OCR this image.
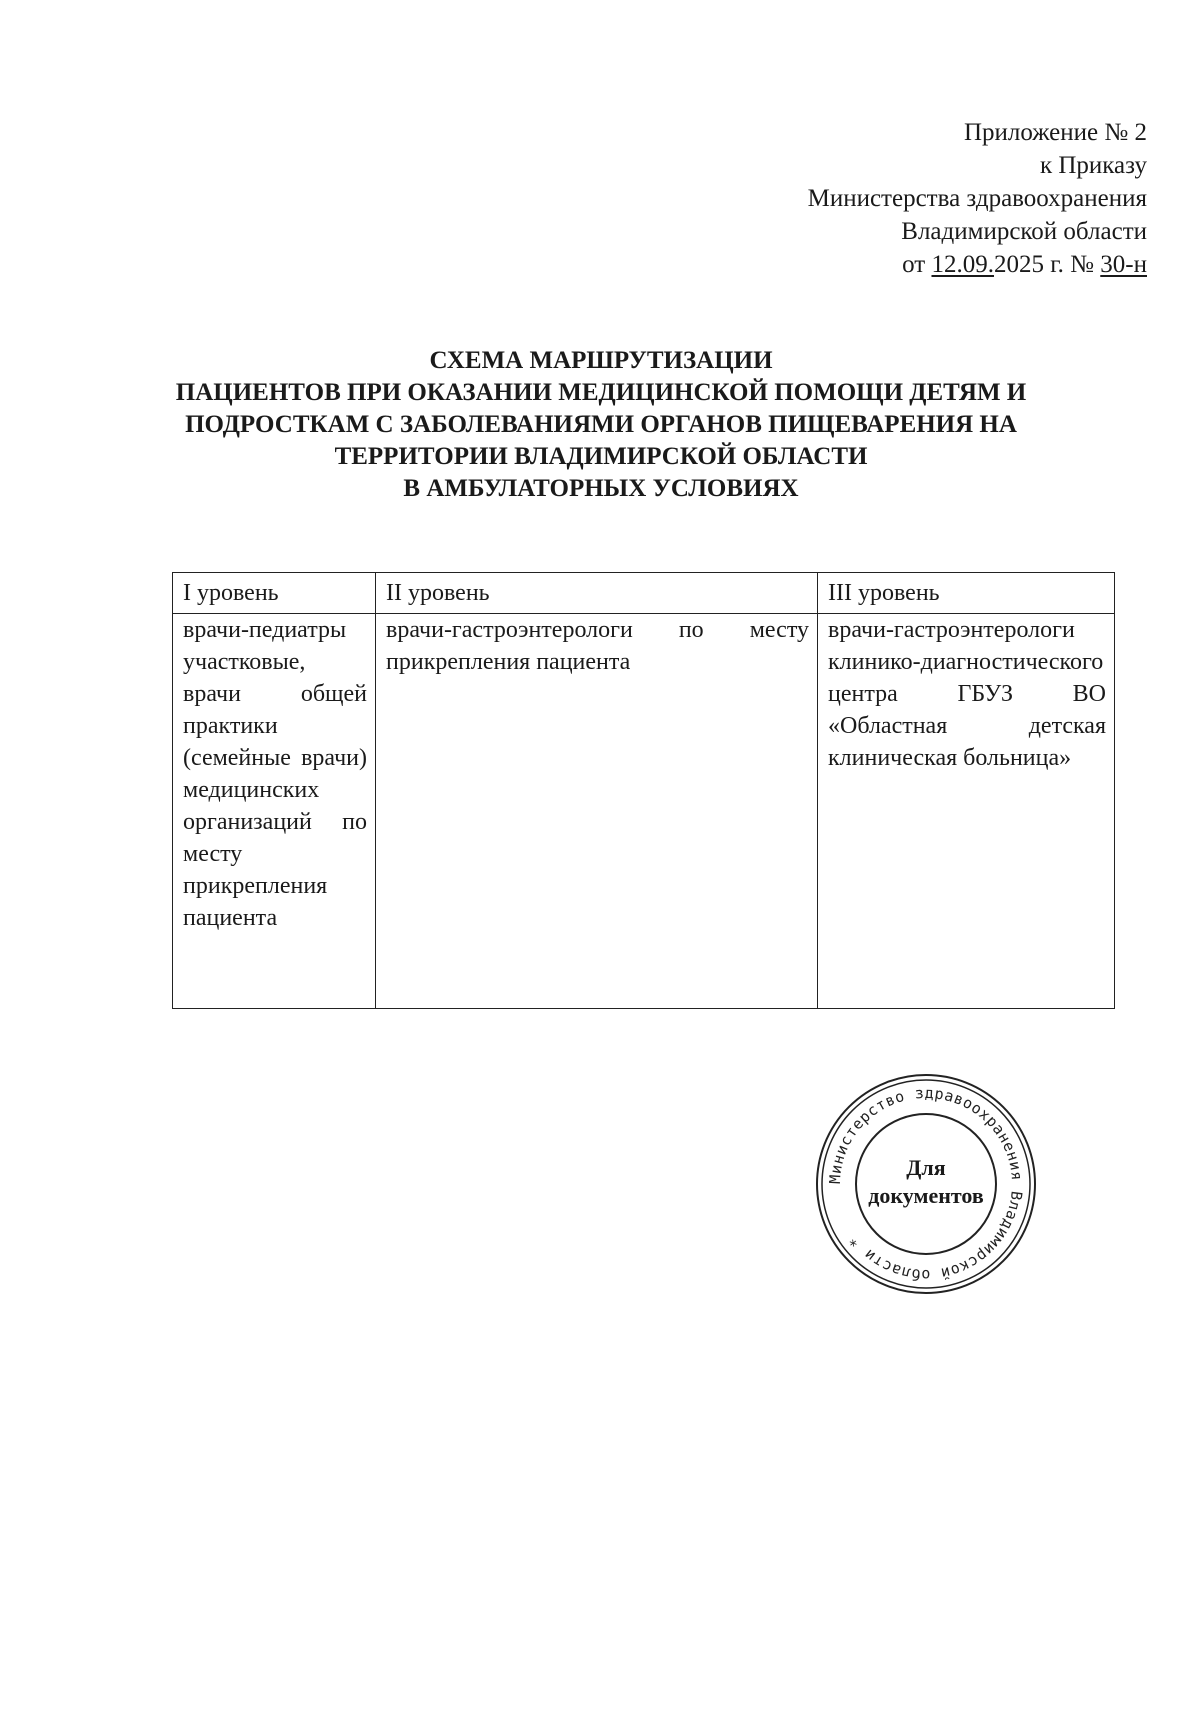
Приложение № 2
к Приказу
Министерства здравоохранения
Владимирской области
от 12.09.2025 г. № 30-н
СХЕМА МАРШРУТИЗАЦИИ
ПАЦИЕНТОВ ПРИ ОКАЗАНИИ МЕДИЦИНСКОЙ ПОМОЩИ ДЕТЯМ И
ПОДРОСТКАМ С ЗАБОЛЕВАНИЯМИ ОРГАНОВ ПИЩЕВАРЕНИЯ НА
ТЕРРИТОРИИ ВЛАДИМИРСКОЙ ОБЛАСТИ
В АМБУЛАТОРНЫХ УСЛОВИЯХ
I уровень	II уровень	III уровень

врачи-педиатры участковые, врачи общей практики (семейные врачи) медицинских организаций по месту прикрепления пациента	врачи-гастроэнтерологи по месту прикрепления пациента	врачи-гастроэнтерологи клинико-диагностического центра ГБУЗ ВО «Областная детская клиническая больница»
Министерство здравоохранения Владимирской области *
Для
документов
